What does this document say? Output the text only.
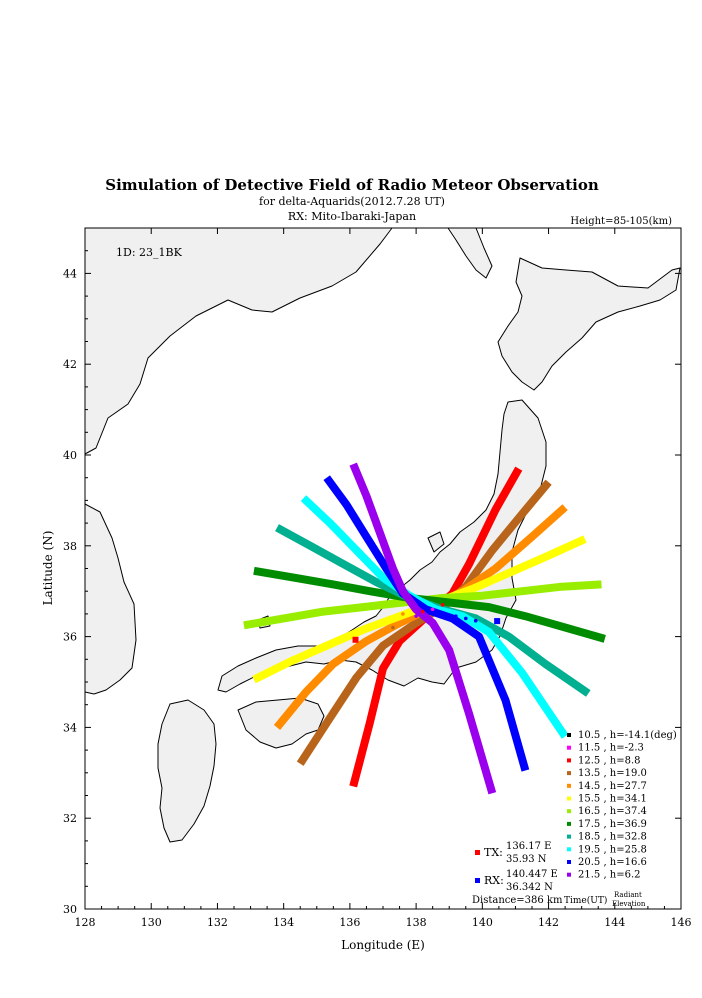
Simulation of Detective Field of Radio Meteor Observation
for delta-Aquarids(2012.7.28 UT)
RX: Mito-Ibaraki-Japan	Height=85-105(km)
128	130	132	134	136	138	140	142	144	146
30
32
34
36
38
40
42
44
10.5 , h=-14.1(deg)
11.5 , h=-2.3
12.5 , h=8.8
13.5 , h=19.0
14.5 , h=27.7
15.5 , h=34.1
16.5 , h=37.4
17.5 , h=36.9
18.5 , h=32.8
19.5 , h=25.8
20.5 , h=16.6
21.5 , h=6.2
1D: 23_1BK
Longitude (E)
Latitude (N)
TX: 136.17 E
35.93 N
RX: 140.447 E
36.342 N
Distance=386 km Time(UT)
Radiant
Elevation
